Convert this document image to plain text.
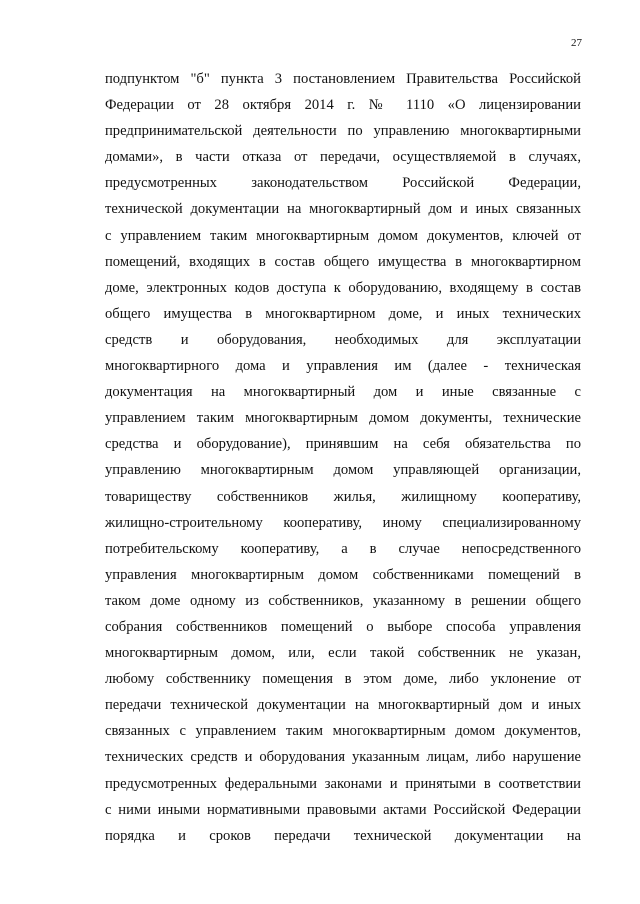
27
подпунктом "б" пункта 3 постановлением Правительства Российской
Федерации от 28 октября 2014 г. № 1110 «О лицензировании
предпринимательской деятельности по управлению многоквартирными
домами», в части отказа от передачи, осуществляемой в случаях,
предусмотренных законодательством Российской Федерации,
технической документации на многоквартирный дом и иных связанных
с управлением таким многоквартирным домом документов, ключей от
помещений, входящих в состав общего имущества в многоквартирном
доме, электронных кодов доступа к оборудованию, входящему в состав
общего имущества в многоквартирном доме, и иных технических
средств и оборудования, необходимых для эксплуатации
многоквартирного дома и управления им (далее - техническая
документация на многоквартирный дом и иные связанные с
управлением таким многоквартирным домом документы, технические
средства и оборудование), принявшим на себя обязательства по
управлению многоквартирным домом управляющей организации,
товариществу собственников жилья, жилищному кооперативу,
жилищно-строительному кооперативу, иному специализированному
потребительскому кооперативу, а в случае непосредственного
управления многоквартирным домом собственниками помещений в
таком доме одному из собственников, указанному в решении общего
собрания собственников помещений о выборе способа управления
многоквартирным домом, или, если такой собственник не указан,
любому собственнику помещения в этом доме, либо уклонение от
передачи технической документации на многоквартирный дом и иных
связанных с управлением таким многоквартирным домом документов,
технических средств и оборудования указанным лицам, либо нарушение
предусмотренных федеральными законами и принятыми в соответствии
с ними иными нормативными правовыми актами Российской Федерации
порядка и сроков передачи технической документации на
